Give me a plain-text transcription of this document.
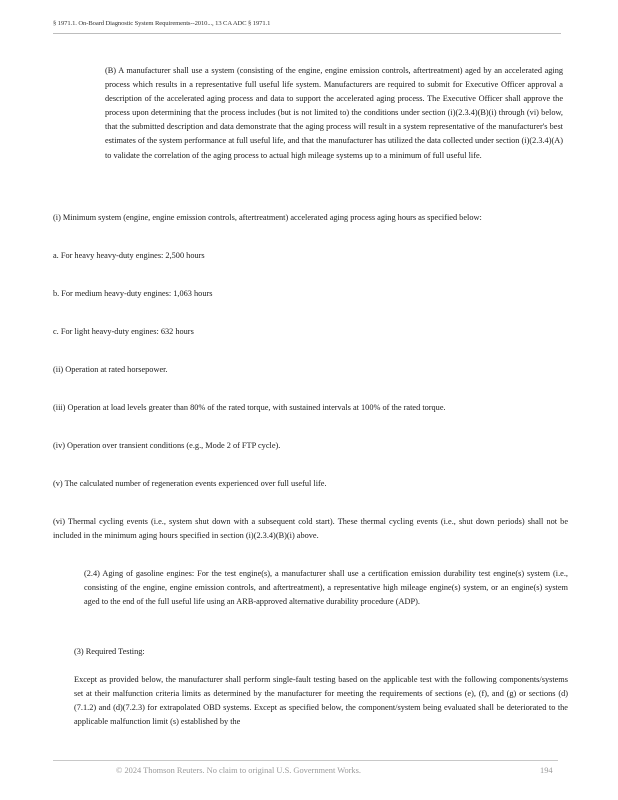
§ 1971.1. On-Board Diagnostic System Requirements--2010..., 13 CA ADC § 1971.1

(B) A manufacturer shall use a system (consisting of the engine, engine emission controls, aftertreatment) aged by an accelerated aging process which results in a representative full useful life system. Manufacturers are required to submit for Executive Officer approval a description of the accelerated aging process and data to support the accelerated aging process. The Executive Officer shall approve the process upon determining that the process includes (but is not limited to) the conditions under section (i)(2.3.4)(B)(i) through (vi) below, that the submitted description and data demonstrate that the aging process will result in a system representative of the manufacturer's best estimates of the system performance at full useful life, and that the manufacturer has utilized the data collected under section (i)(2.3.4)(A) to validate the correlation of the aging process to actual high mileage systems up to a minimum of full useful life.

(i) Minimum system (engine, engine emission controls, aftertreatment) accelerated aging process aging hours as specified below:

a. For heavy heavy-duty engines: 2,500 hours

b. For medium heavy-duty engines: 1,063 hours

c. For light heavy-duty engines: 632 hours

(ii) Operation at rated horsepower.

(iii) Operation at load levels greater than 80% of the rated torque, with sustained intervals at 100% of the rated torque.

(iv) Operation over transient conditions (e.g., Mode 2 of FTP cycle).

(v) The calculated number of regeneration events experienced over full useful life.

(vi) Thermal cycling events (i.e., system shut down with a subsequent cold start). These thermal cycling events (i.e., shut down periods) shall not be included in the minimum aging hours specified in section (i)(2.3.4)(B)(i) above.

(2.4) Aging of gasoline engines: For the test engine(s), a manufacturer shall use a certification emission durability test engine(s) system (i.e., consisting of the engine, engine emission controls, and aftertreatment), a representative high mileage engine(s) system, or an engine(s) system aged to the end of the full useful life using an ARB-approved alternative durability procedure (ADP).

(3) Required Testing:

Except as provided below, the manufacturer shall perform single-fault testing based on the applicable test with the following components/systems set at their malfunction criteria limits as determined by the manufacturer for meeting the requirements of sections (e), (f), and (g) or sections (d)(7.1.2) and (d)(7.2.3) for extrapolated OBD systems. Except as specified below, the component/system being evaluated shall be deteriorated to the applicable malfunction limit (s) established by the

© 2024 Thomson Reuters. No claim to original U.S. Government Works.	194
